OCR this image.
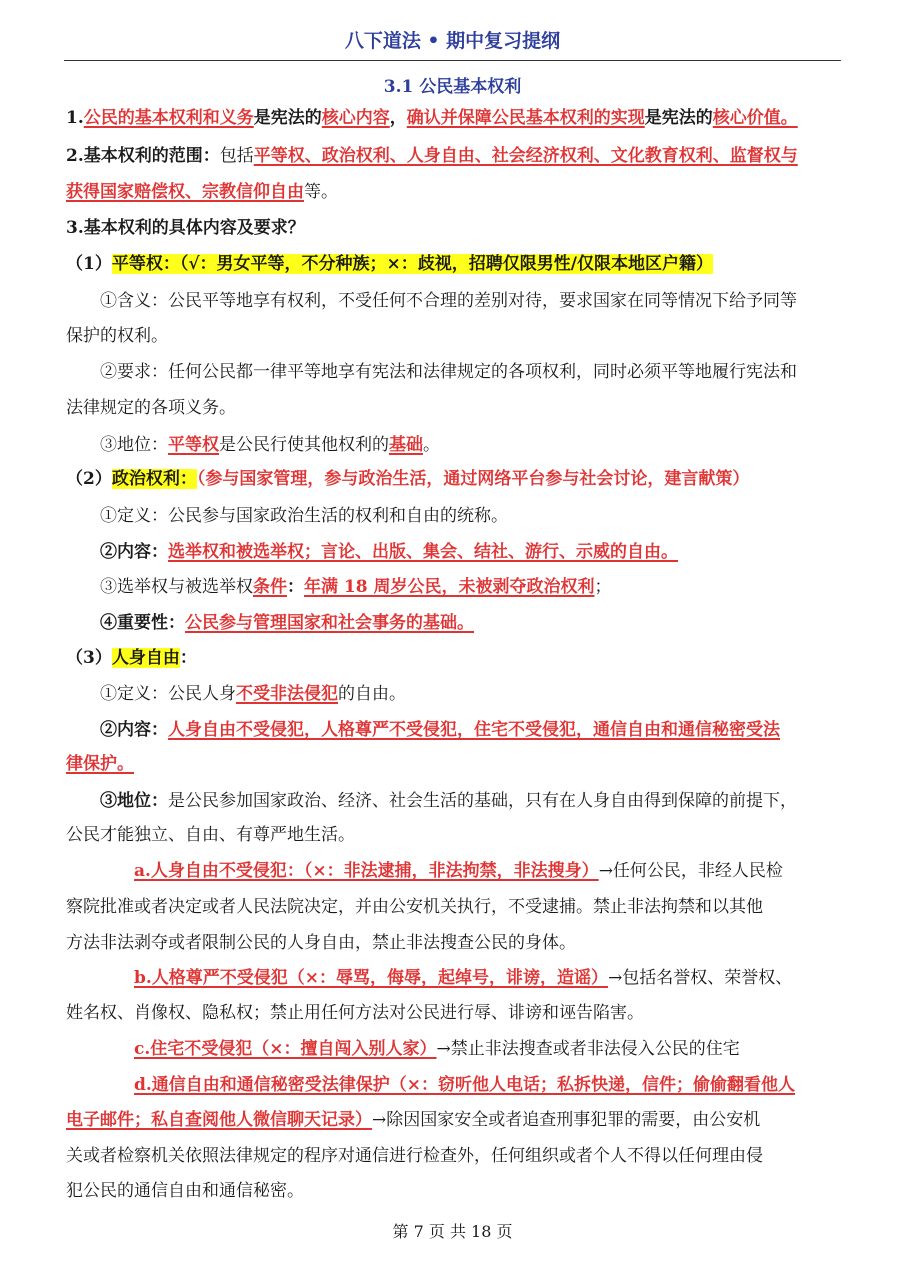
八下道法 • 期中复习提纲
3.1 公民基本权利
1.公民的基本权利和义务是宪法的核心内容，确认并保障公民基本权利的实现是宪法的核心价值。
2.基本权利的范围：包括平等权、政治权利、人身自由、社会经济权利、文化教育权利、监督权与
获得国家赔偿权、宗教信仰自由等。
3.基本权利的具体内容及要求？
（1）平等权：（√：男女平等，不分种族；×：歧视，招聘仅限男性/仅限本地区户籍）
①含义：公民平等地享有权利，不受任何不合理的差别对待，要求国家在同等情况下给予同等
保护的权利。
②要求：任何公民都一律平等地享有宪法和法律规定的各项权利，同时必须平等地履行宪法和
法律规定的各项义务。
③地位：平等权是公民行使其他权利的基础。
（2）政治权利：（参与国家管理，参与政治生活，通过网络平台参与社会讨论，建言献策）
①定义：公民参与国家政治生活的权利和自由的统称。
②内容：选举权和被选举权；言论、出版、集会、结社、游行、示威的自由。
③选举权与被选举权条件：年满 18 周岁公民，未被剥夺政治权利；
④重要性：公民参与管理国家和社会事务的基础。
（3）人身自由：
①定义：公民人身不受非法侵犯的自由。
②内容：人身自由不受侵犯，人格尊严不受侵犯，住宅不受侵犯，通信自由和通信秘密受法
律保护。
③地位：是公民参加国家政治、经济、社会生活的基础，只有在人身自由得到保障的前提下，
公民才能独立、自由、有尊严地生活。
a.人身自由不受侵犯：（×：非法逮捕，非法拘禁，非法搜身）→任何公民，非经人民检
察院批准或者决定或者人民法院决定，并由公安机关执行，不受逮捕。禁止非法拘禁和以其他
方法非法剥夺或者限制公民的人身自由，禁止非法搜查公民的身体。
b.人格尊严不受侵犯（×：辱骂，侮辱，起绰号，诽谤，造谣）→包括名誉权、荣誉权、
姓名权、肖像权、隐私权；禁止用任何方法对公民进行辱、诽谤和诬告陷害。
c.住宅不受侵犯（×：擅自闯入别人家）→禁止非法搜查或者非法侵入公民的住宅
d.通信自由和通信秘密受法律保护（×：窃听他人电话；私拆快递，信件；偷偷翻看他人
电子邮件；私自查阅他人微信聊天记录）→除因国家安全或者追查刑事犯罪的需要，由公安机
关或者检察机关依照法律规定的程序对通信进行检查外，任何组织或者个人不得以任何理由侵
犯公民的通信自由和通信秘密。
第 7 页 共 18 页
